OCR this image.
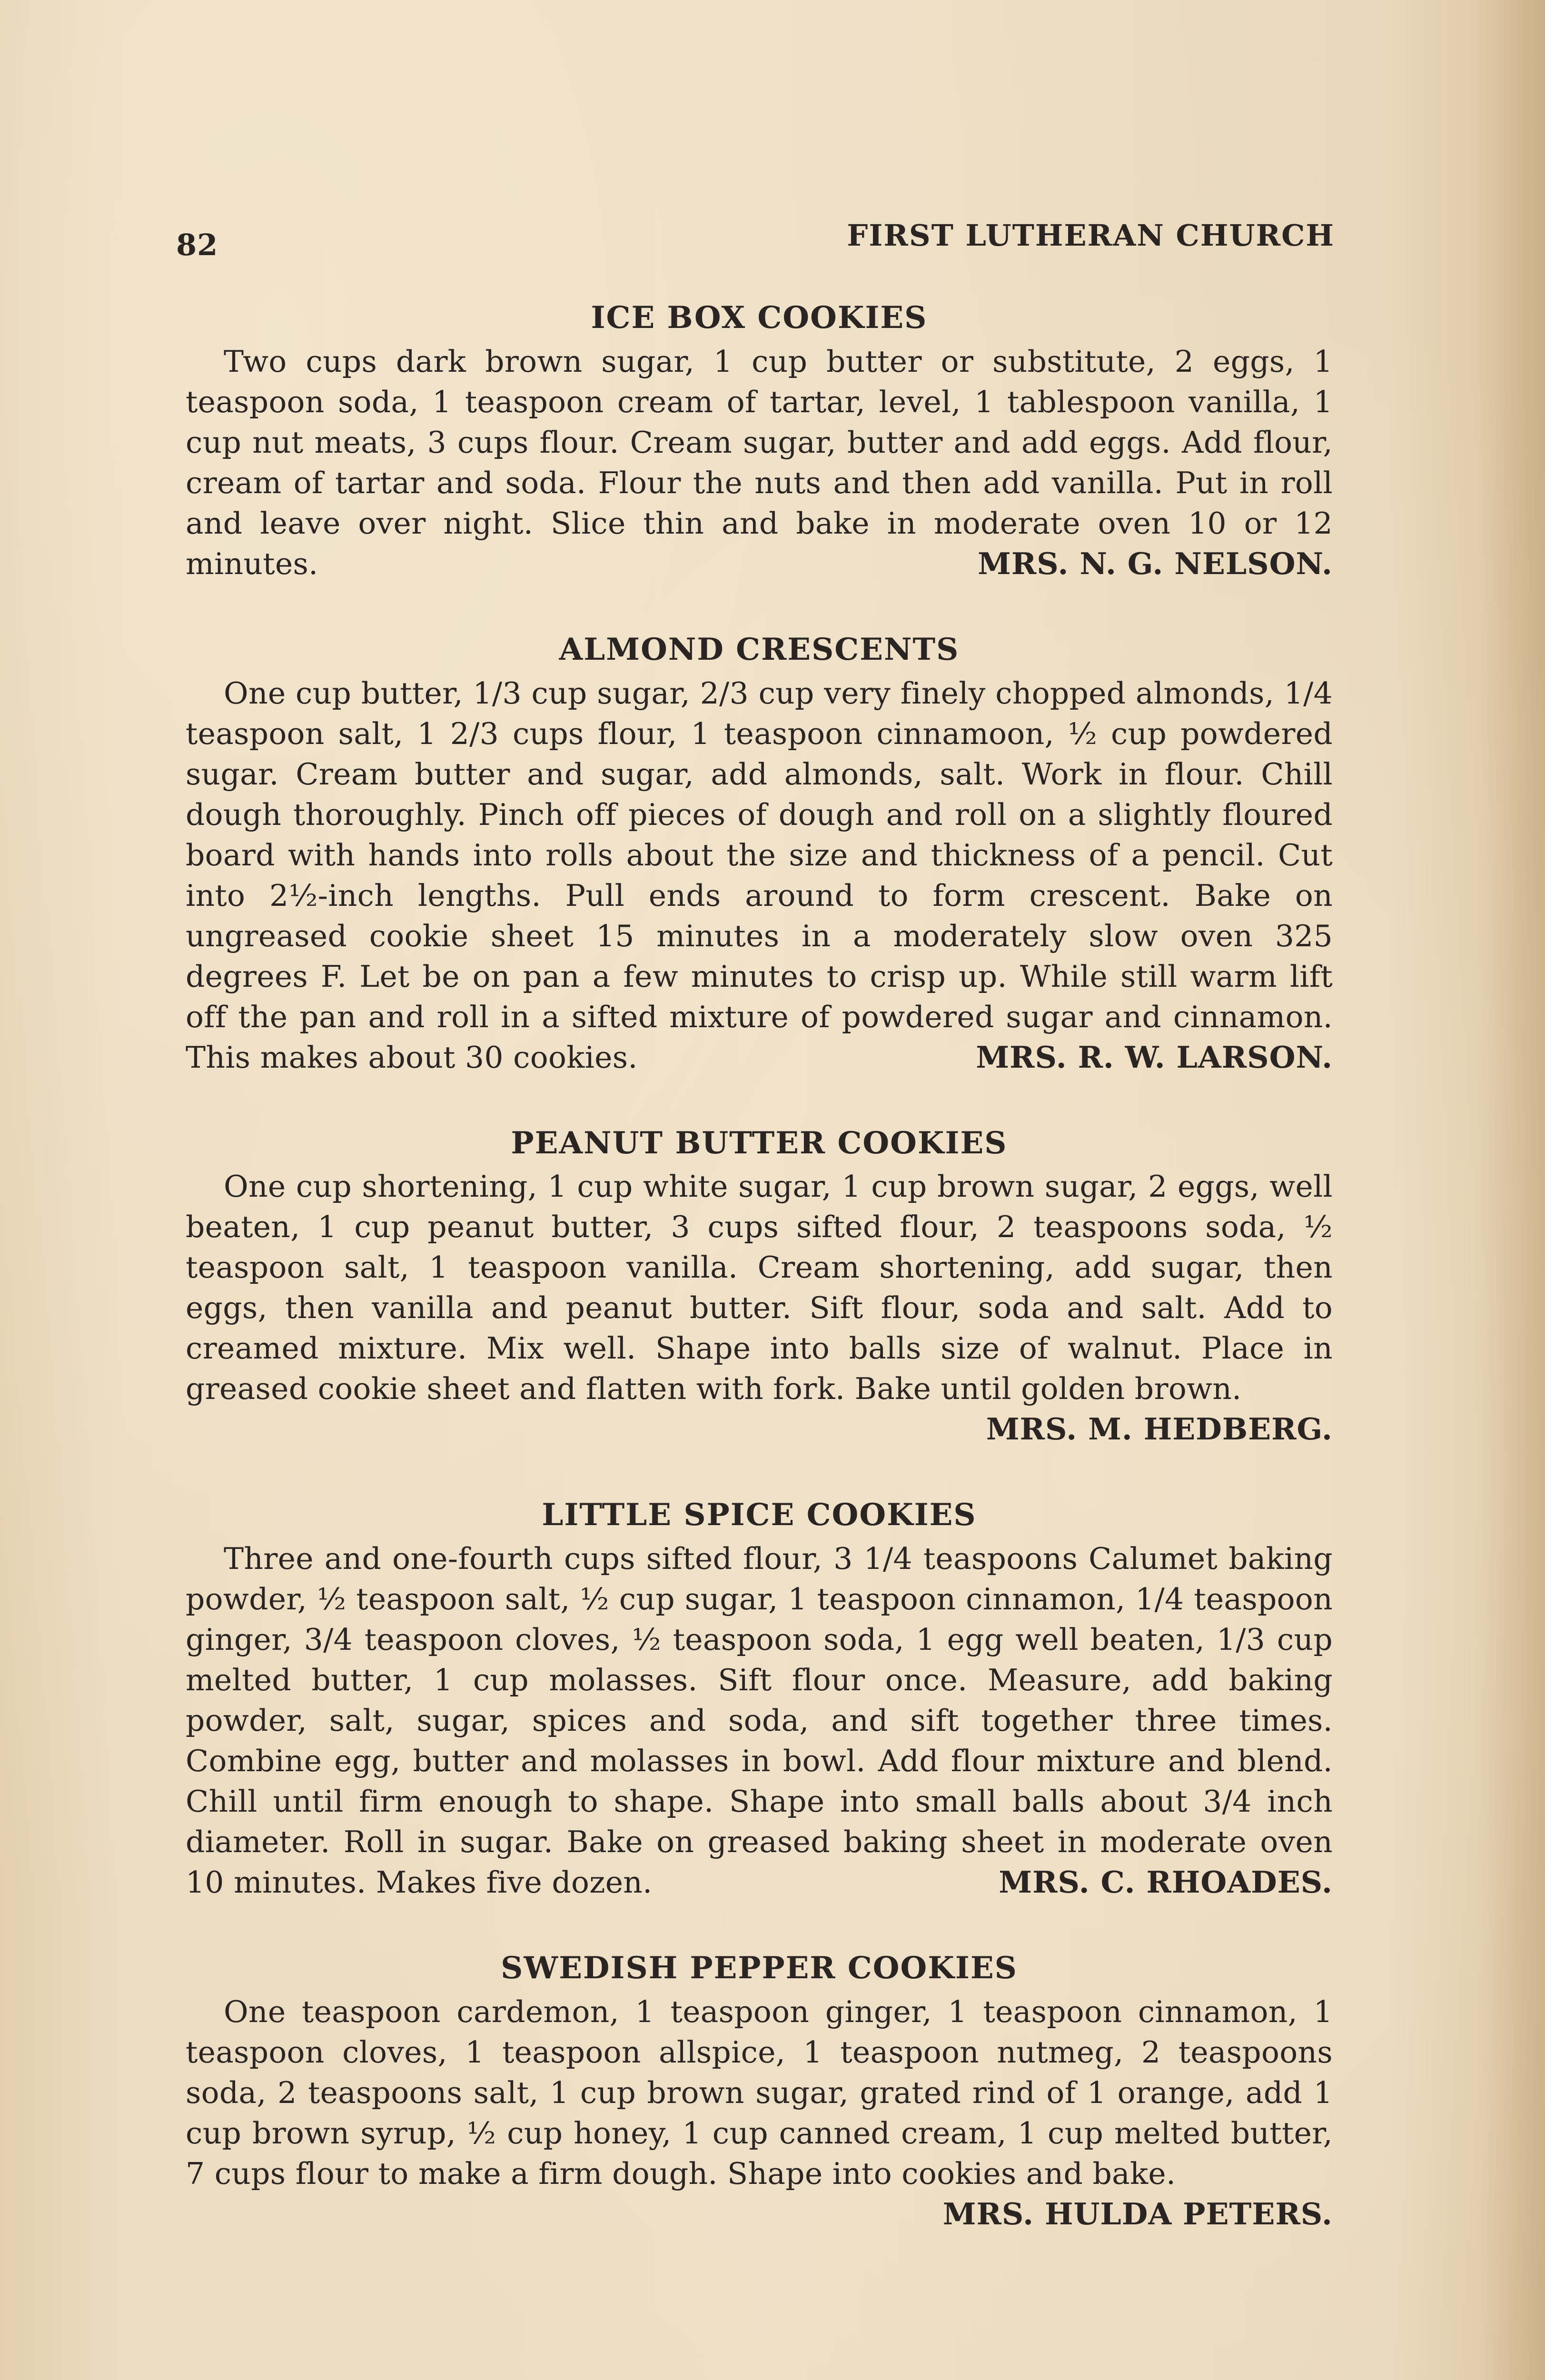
82	FIRST LUTHERAN CHURCH
ICE BOX COOKIES

Two cups dark brown sugar, 1 cup butter or substitute, 2 eggs, 1 teaspoon soda, 1 teaspoon cream of tartar, level, 1 tablespoon vanilla, 1 cup nut meats, 3 cups flour. Cream sugar, butter and add eggs. Add flour, cream of tartar and soda. Flour the nuts and then add vanilla. Put in roll and leave over night. Slice thin and bake in moderate oven 10 or 12 minutes.	MRS. N. G. NELSON.

ALMOND CRESCENTS

One cup butter, 1/3 cup sugar, 2/3 cup very finely chopped almonds, 1/4 teaspoon salt, 1 2/3 cups flour, 1 teaspoon cinnamoon, ½ cup powdered sugar. Cream butter and sugar, add almonds, salt. Work in flour. Chill dough thoroughly. Pinch off pieces of dough and roll on a slightly floured board with hands into rolls about the size and thickness of a pencil. Cut into 2½-inch lengths. Pull ends around to form crescent. Bake on ungreased cookie sheet 15 minutes in a moderately slow oven 325 degrees F. Let be on pan a few minutes to crisp up. While still warm lift off the pan and roll in a sifted mixture of powdered sugar and cinnamon. This makes about 30 cookies.	MRS. R. W. LARSON.

PEANUT BUTTER COOKIES

One cup shortening, 1 cup white sugar, 1 cup brown sugar, 2 eggs, well beaten, 1 cup peanut butter, 3 cups sifted flour, 2 teaspoons soda, ½ teaspoon salt, 1 teaspoon vanilla. Cream shortening, add sugar, then eggs, then vanilla and peanut butter. Sift flour, soda and salt. Add to creamed mixture. Mix well. Shape into balls size of walnut. Place in greased cookie sheet and flatten with fork. Bake until golden brown.
MRS. M. HEDBERG.

LITTLE SPICE COOKIES

Three and one-fourth cups sifted flour, 3 1/4 teaspoons Calumet baking powder, ½ teaspoon salt, ½ cup sugar, 1 teaspoon cinnamon, 1/4 teaspoon ginger, 3/4 teaspoon cloves, ½ teaspoon soda, 1 egg well beaten, 1/3 cup melted butter, 1 cup molasses. Sift flour once. Measure, add baking powder, salt, sugar, spices and soda, and sift together three times. Combine egg, butter and molasses in bowl. Add flour mixture and blend. Chill until firm enough to shape. Shape into small balls about 3/4 inch diameter. Roll in sugar. Bake on greased baking sheet in moderate oven 10 minutes. Makes five dozen.	MRS. C. RHOADES.

SWEDISH PEPPER COOKIES

One teaspoon cardemon, 1 teaspoon ginger, 1 teaspoon cinnamon, 1 teaspoon cloves, 1 teaspoon allspice, 1 teaspoon nutmeg, 2 teaspoons soda, 2 teaspoons salt, 1 cup brown sugar, grated rind of 1 orange, add 1 cup brown syrup, ½ cup honey, 1 cup canned cream, 1 cup melted butter, 7 cups flour to make a firm dough. Shape into cookies and bake.
MRS. HULDA PETERS.
